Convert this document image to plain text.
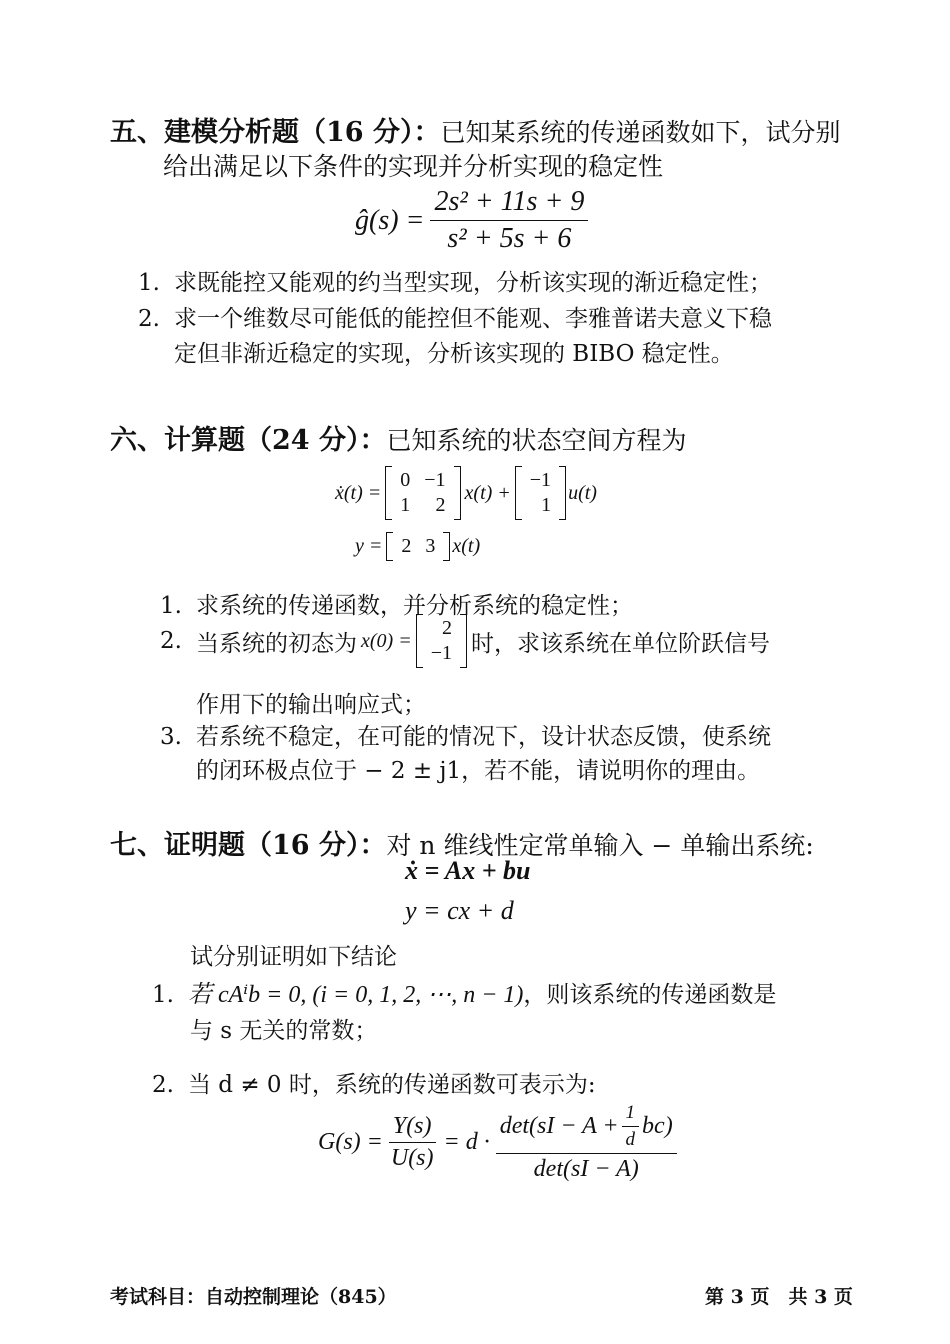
五、建模分析题（16 分）：已知某系统的传递函数如下，试分别
给出满足以下条件的实现并分析实现的稳定性
ĝ(s) = $\frac{\text{2s² + 11s + 9}}{\text{s² + 5s + 6}}$
1. 求既能控又能观的约当型实现，分析该实现的渐近稳定性；
2. 求一个维数尽可能低的能控但不能观、李雅普诺夫意义下稳
定但非渐近稳定的实现，分析该实现的 BIBO 稳定性。
六、计算题（24 分）：已知系统的状态空间方程为
ẋ(t) =
0	−1
1	2
x(t) +
−1
1
u(t)
y = 2	3 x(t)
1. 求系统的传递函数，并分析系统的稳定性；
2. 当系统的初态为 x(0) =
2
−1 时，求该系统在单位阶跃信号
作用下的输出响应式；
3. 若系统不稳定，在可能的情况下，设计状态反馈，使系统
的闭环极点位于 − 2 ± j1，若不能，请说明你的理由。
七、证明题（16 分）：对 n 维线性定常单输入 − 单输出系统:
ẋ = Ax + bu
y = cx + d
试分别证明如下结论
1. 若 cAⁱb = 0, (i = 0, 1, 2, ⋯, n − 1)，则该系统的传递函数是
与 s 无关的常数；
2. 当 d ≠ 0 时，系统的传递函数可表示为:
$G(s) = \frac{Y(s)}{U(s)} = d \cdot \frac{\det(sI - A + \frac{1}{d} bc)}{\det(sI - A)}$
考试科目：自动控制理论（845）	第 3 页　共 3 页
